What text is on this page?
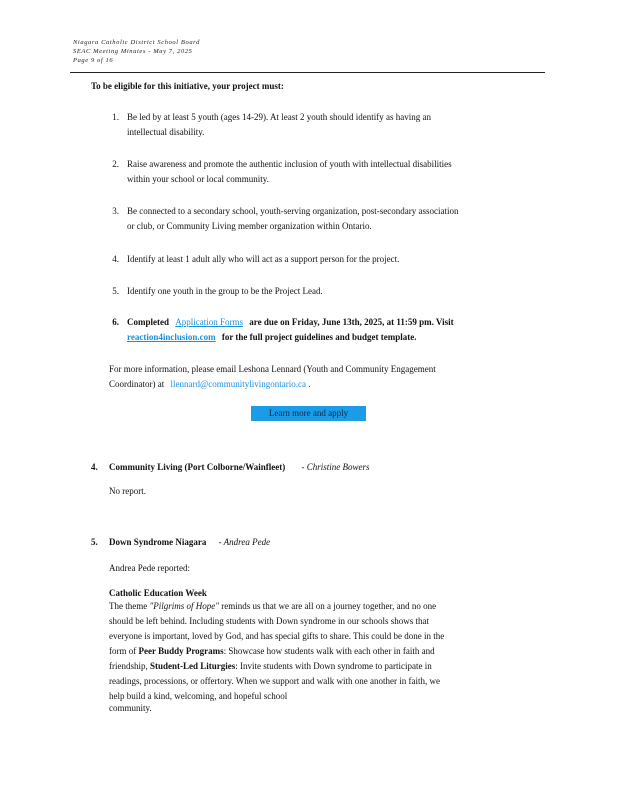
Niagara Catholic District School Board
SEAC Meeting Minutes - May 7, 2025
Page 9 of 16
To be eligible for this initiative, your project must:
1. Be led by at least 5 youth (ages 14-29). At least 2 youth should identify as having an
intellectual disability.
2. Raise awareness and promote the authentic inclusion of youth with intellectual disabilities
within your school or local community.
3. Be connected to a secondary school, youth-serving organization, post-secondary association
or club, or Community Living member organization within Ontario.
4. Identify at least 1 adult ally who will act as a support person for the project.
5. Identify one youth in the group to be the Project Lead.
6. Completed Application Forms are due on Friday, June 13th, 2025, at 11:59 pm. Visit
reaction4inclusion.com for the full project guidelines and budget template.
For more information, please email Leshona Lennard (Youth and Community Engagement
Coordinator) at llennard@communitylivingontario.ca .
Learn more and apply
4. Community Living (Port Colborne/Wainfleet) - Christine Bowers
No report.
5. Down Syndrome Niagara - Andrea Pede
Andrea Pede reported:
Catholic Education Week
The theme "Pilgrims of Hope" reminds us that we are all on a journey together, and no one
should be left behind. Including students with Down syndrome in our schools shows that
everyone is important, loved by God, and has special gifts to share. This could be done in the
form of Peer Buddy Programs: Showcase how students walk with each other in faith and
friendship, Student-Led Liturgies: Invite students with Down syndrome to participate in
readings, processions, or offertory. When we support and walk with one another in faith, we
help build a kind, welcoming, and hopeful school
community.
